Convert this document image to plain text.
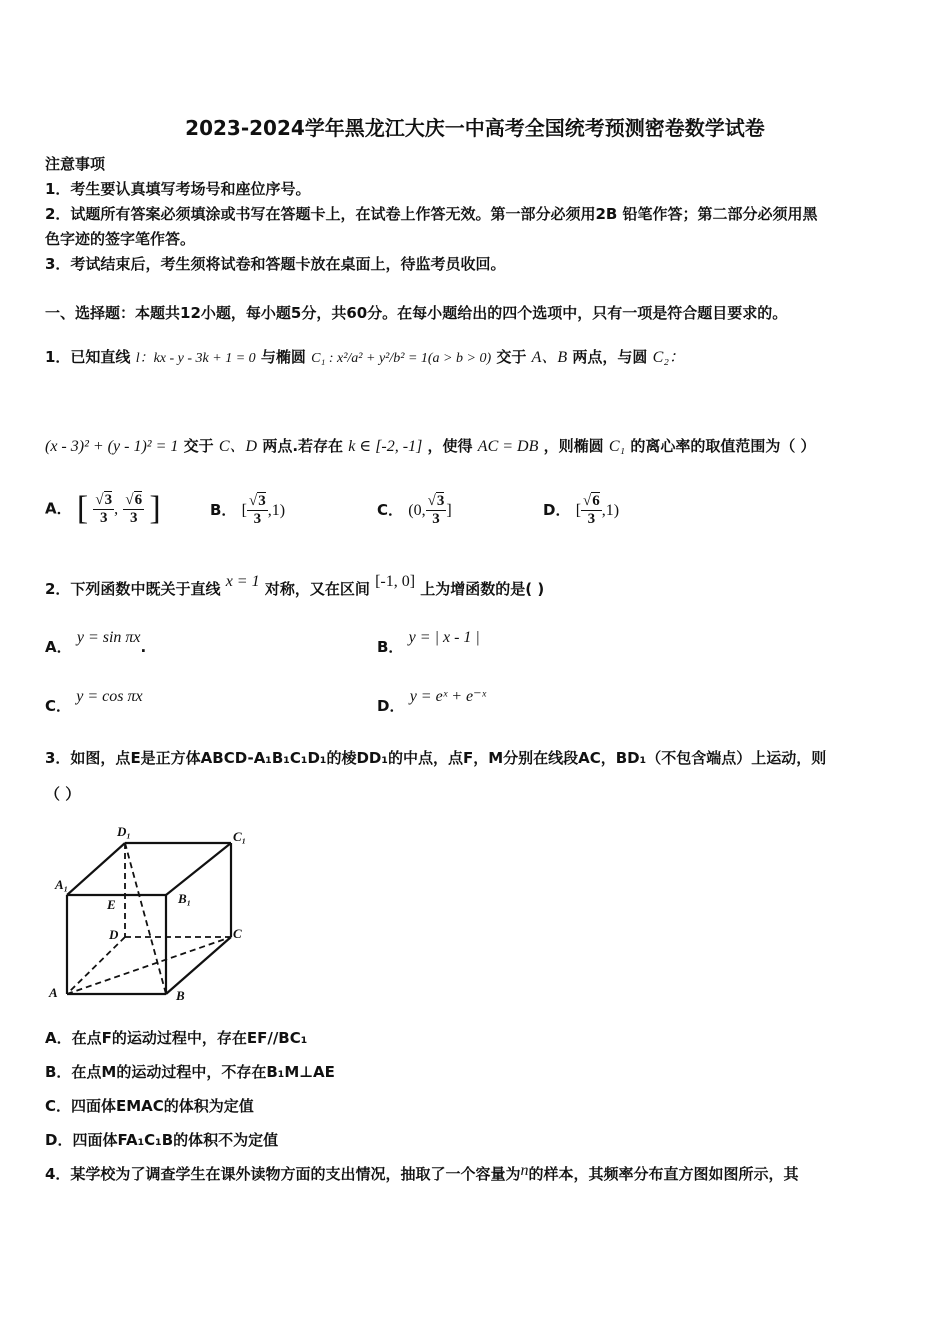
2023-2024学年黑龙江大庆一中高考全国统考预测密卷数学试卷
注意事项
1．考生要认真填写考场号和座位序号。
2．试题所有答案必须填涂或书写在答题卡上，在试卷上作答无效。第一部分必须用2B 铅笔作答；第二部分必须用黑
色字迹的签字笔作答。
3．考试结束后，考生须将试卷和答题卡放在桌面上，待监考员收回。
一、选择题：本题共12小题，每小题5分，共60分。在每小题给出的四个选项中，只有一项是符合题目要求的。
1．已知直线 l：kx - y - 3k + 1 = 0 与椭圆 C₁ : x²/a² + y²/b² = 1(a > b > 0) 交于 A、B 两点，与圆 C₂：
(x - 3)² + (y - 1)² = 1 交于 C、D 两点.若存在 k ∈ [-2, -1] ，使得 AC = DB ，则椭圆 C₁ 的离心率的取值范围为（ ）
A． [ $\frac{√3}{3}$ , $\frac{√6}{3}$ ]	B． [ $\frac{√3}{3} ,1$)	C． (0, $\frac{√3}{3}$ ]	D． [ $\frac{√6}{3} ,1$)
2．下列函数中既关于直线 x = 1 对称，又在区间 [-1, 0] 上为增函数的是( )
A． y = sin πx.	B． y = | x - 1 |
C． y = cos πx
D． y = eˣ + e⁻ˣ
3．如图，点E是正方体ABCD-A₁B₁C₁D₁的棱DD₁的中点，点F，M分别在线段AC，BD₁（不包含端点）上运动，则
（ ）
D₁	C₁
A₁
B₁
E
D	C
A	B
A．在点F的运动过程中，存在EF//BC₁
B．在点M的运动过程中，不存在B₁M⊥AE
C．四面体EMAC的体积为定值
D．四面体FA₁C₁B的体积不为定值
4．某学校为了调查学生在课外读物方面的支出情况，抽取了一个容量为n的样本，其频率分布直方图如图所示，其
